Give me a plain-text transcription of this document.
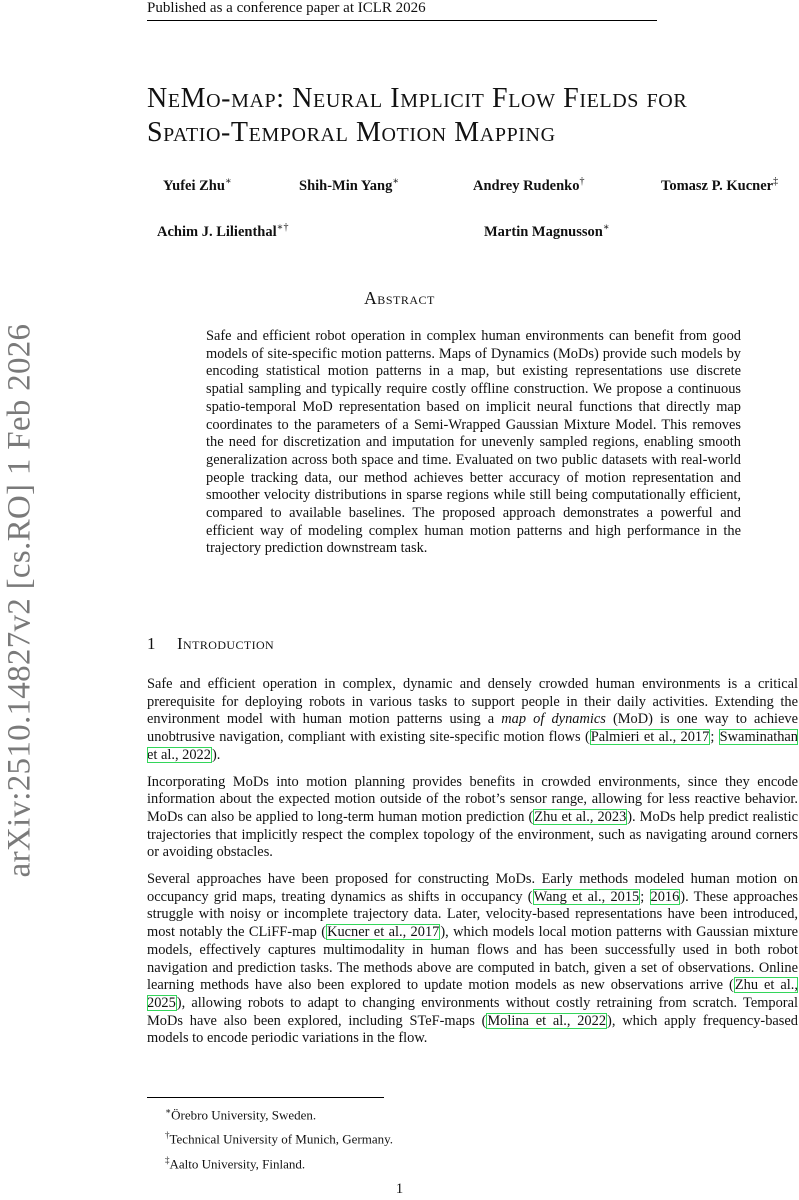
Published as a conference paper at ICLR 2026
arXiv:2510.14827v2 [cs.RO] 1 Feb 2026
NeMo-map: Neural Implicit Flow Fields for
Spatio-Temporal Motion Mapping
Yufei Zhu∗	Shih-Min Yang∗	Andrey Rudenko†	Tomasz P. Kucner‡
Achim J. Lilienthal∗†	Martin Magnusson∗
Abstract
Safe and efficient robot operation in complex human environments can benefit from good models of site-specific motion patterns. Maps of Dynamics (MoDs) provide such models by encoding statistical motion patterns in a map, but existing representations use discrete spatial sampling and typically require costly offline construction. We propose a continuous spatio-temporal MoD representation based on implicit neural functions that directly map coordinates to the parameters of a Semi-Wrapped Gaussian Mixture Model. This removes the need for discretization and imputation for unevenly sampled regions, enabling smooth generalization across both space and time. Evaluated on two public datasets with real-world people tracking data, our method achieves better accuracy of motion representation and smoother velocity distributions in sparse regions while still being computationally efficient, compared to available baselines. The proposed approach demonstrates a powerful and efficient way of modeling complex human motion patterns and high performance in the trajectory prediction downstream task.
1 Introduction

Safe and efficient operation in complex, dynamic and densely crowded human environments is a critical prerequisite for deploying robots in various tasks to support people in their daily activities. Extending the environment model with human motion patterns using a map of dynamics (MoD) is one way to achieve unobtrusive navigation, compliant with existing site-specific motion flows (Palmieri et al., 2017; Swaminathan et al., 2022).

Incorporating MoDs into motion planning provides benefits in crowded environments, since they encode information about the expected motion outside of the robot’s sensor range, allowing for less reactive behavior. MoDs can also be applied to long-term human motion prediction (Zhu et al., 2023). MoDs help predict realistic trajectories that implicitly respect the complex topology of the environment, such as navigating around corners or avoiding obstacles.

Several approaches have been proposed for constructing MoDs. Early methods modeled human motion on occupancy grid maps, treating dynamics as shifts in occupancy (Wang et al., 2015; 2016). These approaches struggle with noisy or incomplete trajectory data. Later, velocity-based representations have been introduced, most notably the CLiFF-map (Kucner et al., 2017), which models local motion patterns with Gaussian mixture models, effectively captures multimodality in human flows and has been successfully used in both robot navigation and prediction tasks. The methods above are computed in batch, given a set of observations. Online learning methods have also been explored to update motion models as new observations arrive (Zhu et al., 2025), allowing robots to adapt to changing environments without costly retraining from scratch. Temporal MoDs have also been explored, including STeF-maps (Molina et al., 2022), which apply frequency-based models to encode periodic variations in the flow.

∗Örebro University, Sweden.
†Technical University of Munich, Germany.
‡Aalto University, Finland.
1
